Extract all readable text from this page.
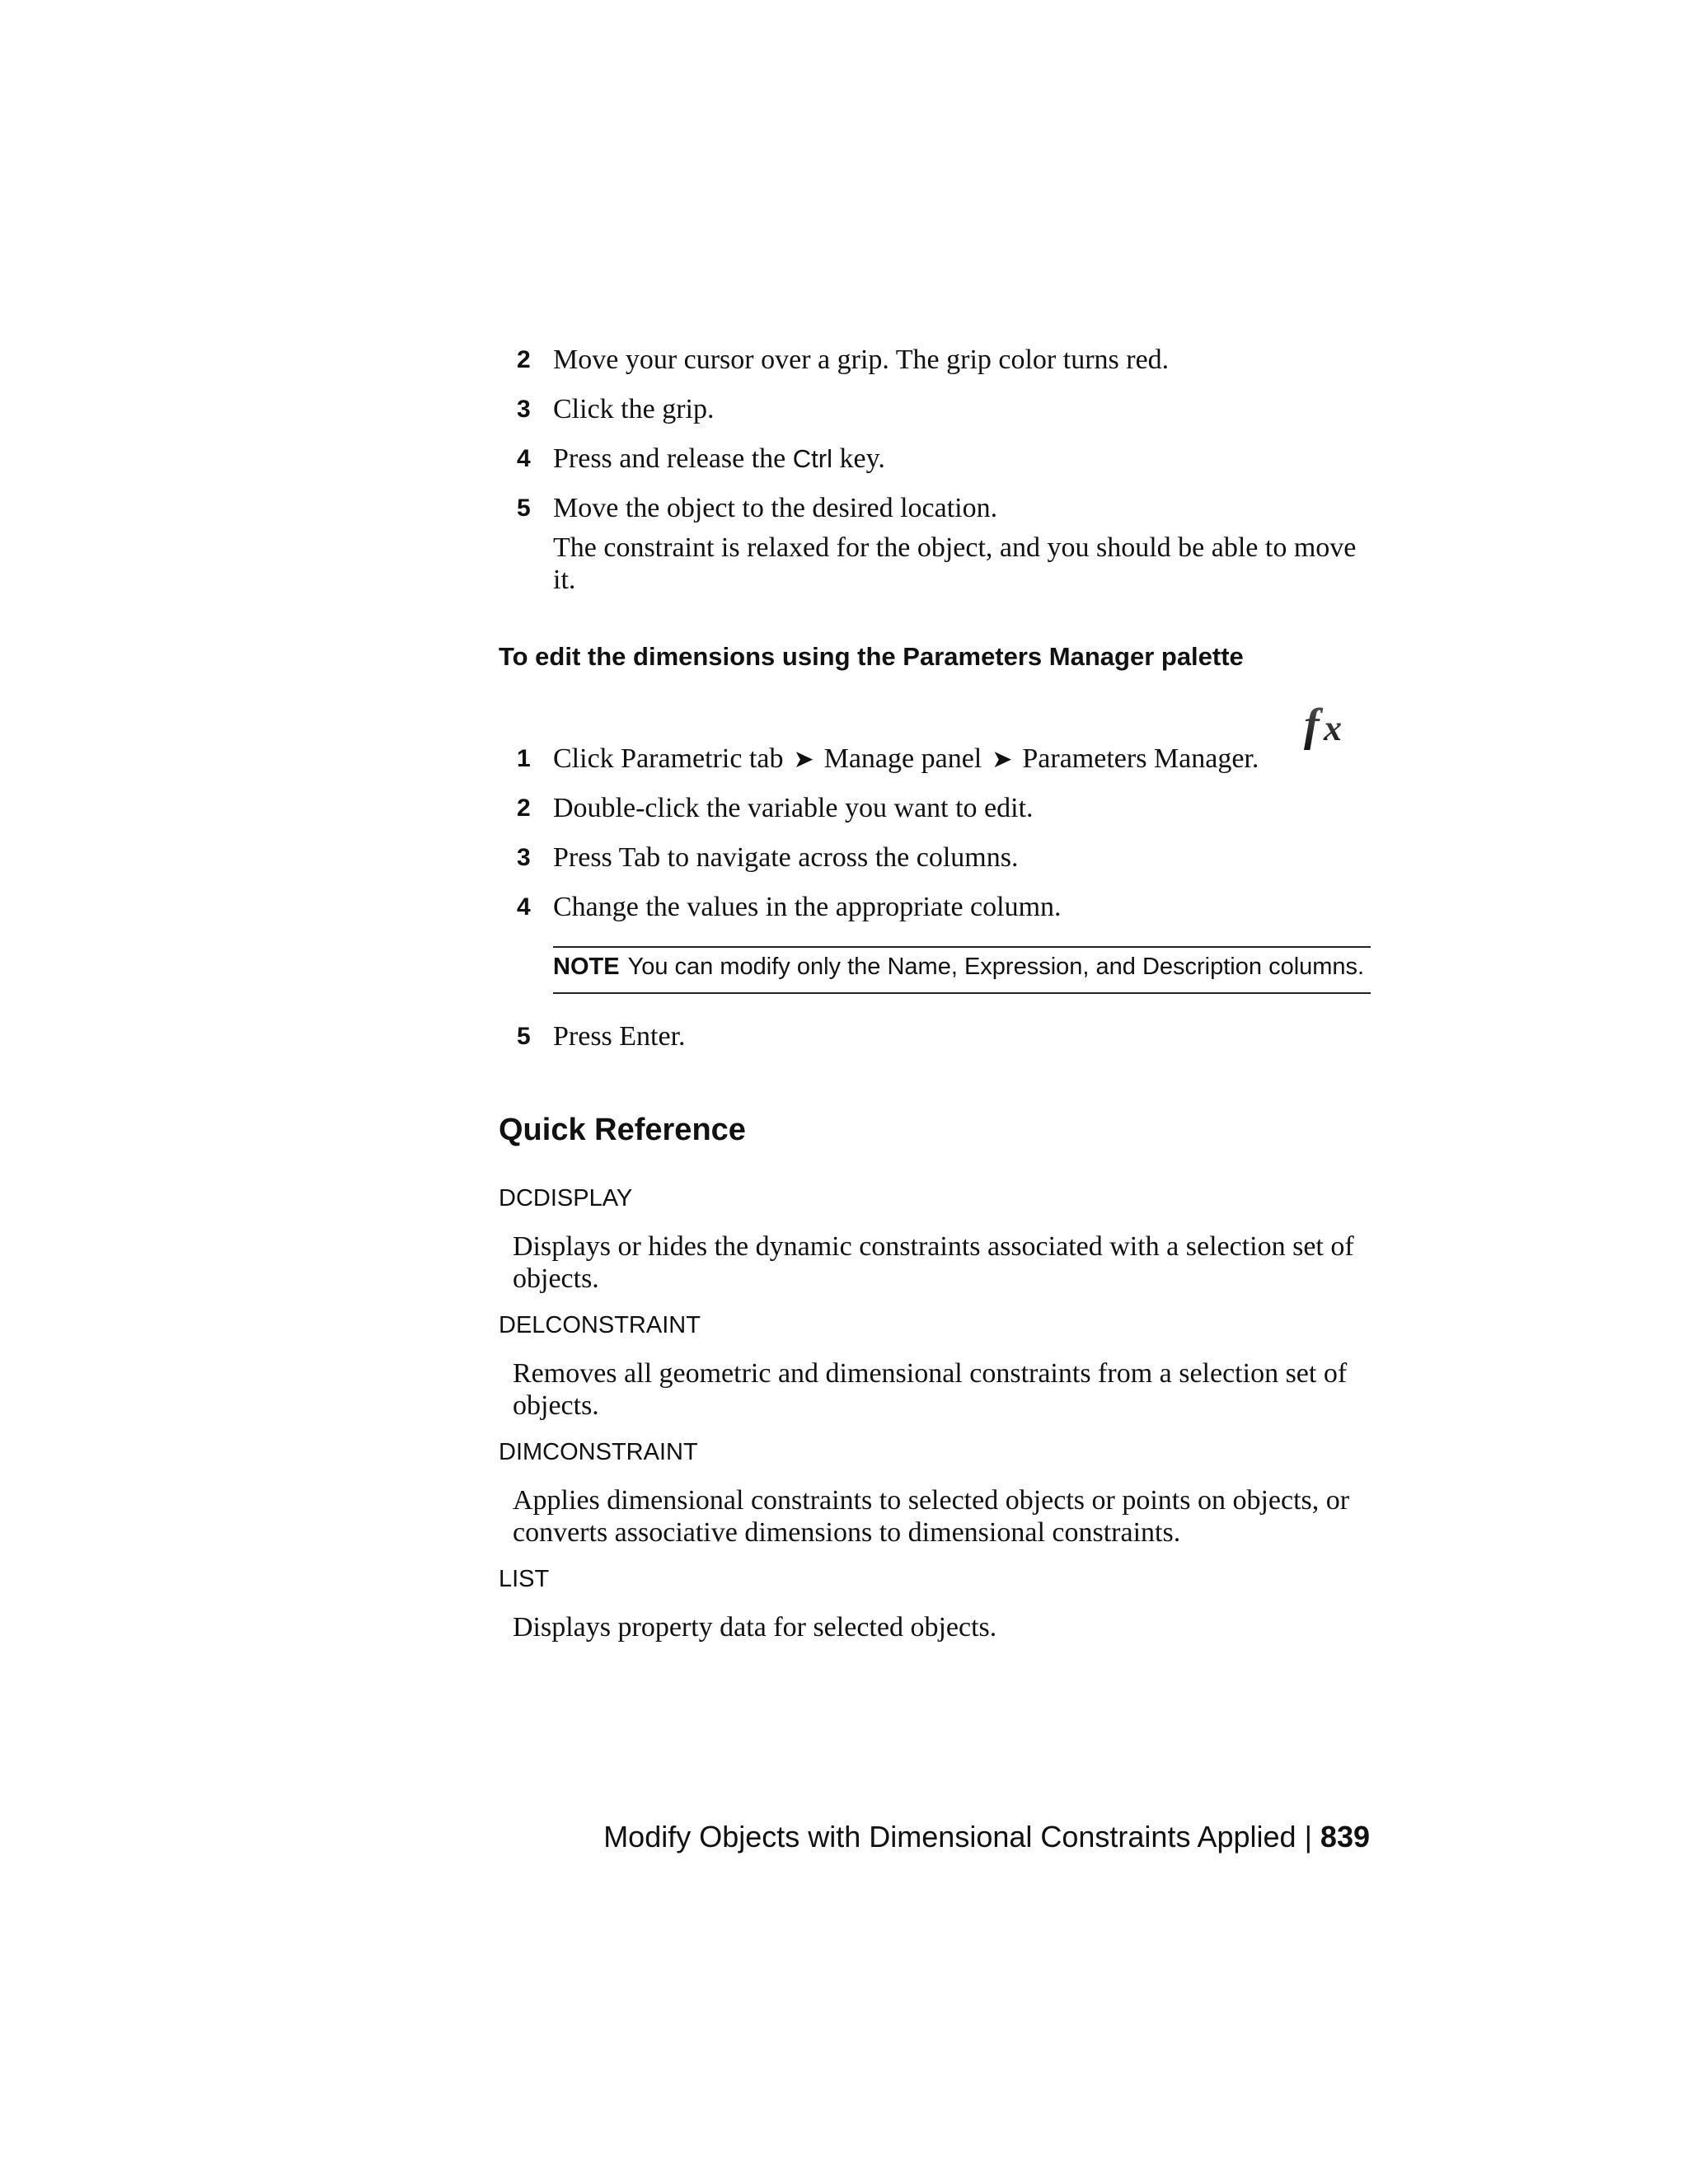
2 Move your cursor over a grip. The grip color turns red.
3 Click the grip.
4 Press and release the Ctrl key.
5 Move the object to the desired location.
The constraint is relaxed for the object, and you should be able to move it.
To edit the dimensions using the Parameters Manager palette
1 Click Parametric tab ➤ Manage panel ➤ Parameters Manager.
f x
2 Double-click the variable you want to edit.
3 Press Tab to navigate across the columns.
4 Change the values in the appropriate column.
NOTE You can modify only the Name, Expression, and Description columns.
5 Press Enter.
Quick Reference
DCDISPLAY
Displays or hides the dynamic constraints associated with a selection set of objects.
DELCONSTRAINT
Removes all geometric and dimensional constraints from a selection set of objects.
DIMCONSTRAINT
Applies dimensional constraints to selected objects or points on objects, or converts associative dimensions to dimensional constraints.
LIST
Displays property data for selected objects.
Modify Objects with Dimensional Constraints Applied | 839
